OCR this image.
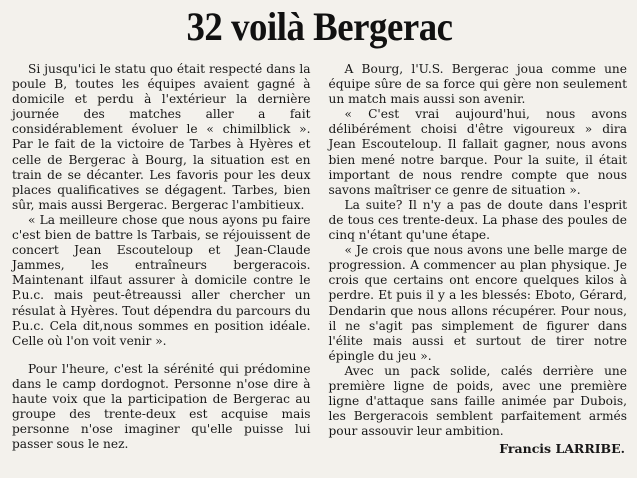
32 voilà Bergerac

Si jusqu'ici le statu quo était respecté dans la poule B, toutes les équipes avaient gagné à domicile et perdu à l'extérieur la dernière journée des matches aller a fait considérablement évoluer le « chimilblick ». Par le fait de la victoire de Tarbes à Hyères et celle de Bergerac à Bourg, la situation est en train de se décanter. Les favoris pour les deux places qualificatives se dégagent. Tarbes, bien sûr, mais aussi Bergerac. Bergerac l'ambitieux.

« La meilleure chose que nous ayons pu faire c'est bien de battre ls Tarbais, se réjouissent de concert Jean Escouteloup et Jean-Claude Jammes, les entraîneurs bergeracois. Maintenant ilfaut assurer à domicile contre le P.u.c. mais peut-êtreaussi aller chercher un résulat à Hyères. Tout dépendra du parcours du P.u.c. Cela dit,nous sommes en position idéale. Celle où l'on voit venir ».

Pour l'heure, c'est la sérénité qui prédomine dans le camp dordognot. Personne n'ose dire à haute voix que la participation de Bergerac au groupe des trente-deux est acquise mais personne n'ose imaginer qu'elle puisse lui passer sous le nez.

A Bourg, l'U.S. Bergerac joua comme une équipe sûre de sa force qui gère non seulement un match mais aussi son avenir.

« C'est vrai aujourd'hui, nous avons délibérément choisi d'être vigoureux » dira Jean Escouteloup. Il fallait gagner, nous avons bien mené notre barque. Pour la suite, il était important de nous rendre compte que nous savons maîtriser ce genre de situation ».

La suite? Il n'y a pas de doute dans l'esprit de tous ces trente-deux. La phase des poules de cinq n'étant qu'une étape.

« Je crois que nous avons une belle marge de progression. A commencer au plan physique. Je crois que certains ont encore quelques kilos à perdre. Et puis il y a les blessés: Eboto, Gérard, Dendarin que nous allons récupérer. Pour nous, il ne s'agit pas simplement de figurer dans l'élite mais aussi et surtout de tirer notre épingle du jeu ».

Avec un pack solide, calés derrière une première ligne de poids, avec une première ligne d'attaque sans faille animée par Dubois, les Bergeracois semblent parfaitement armés pour assouvir leur ambition.

Francis LARRIBE.
